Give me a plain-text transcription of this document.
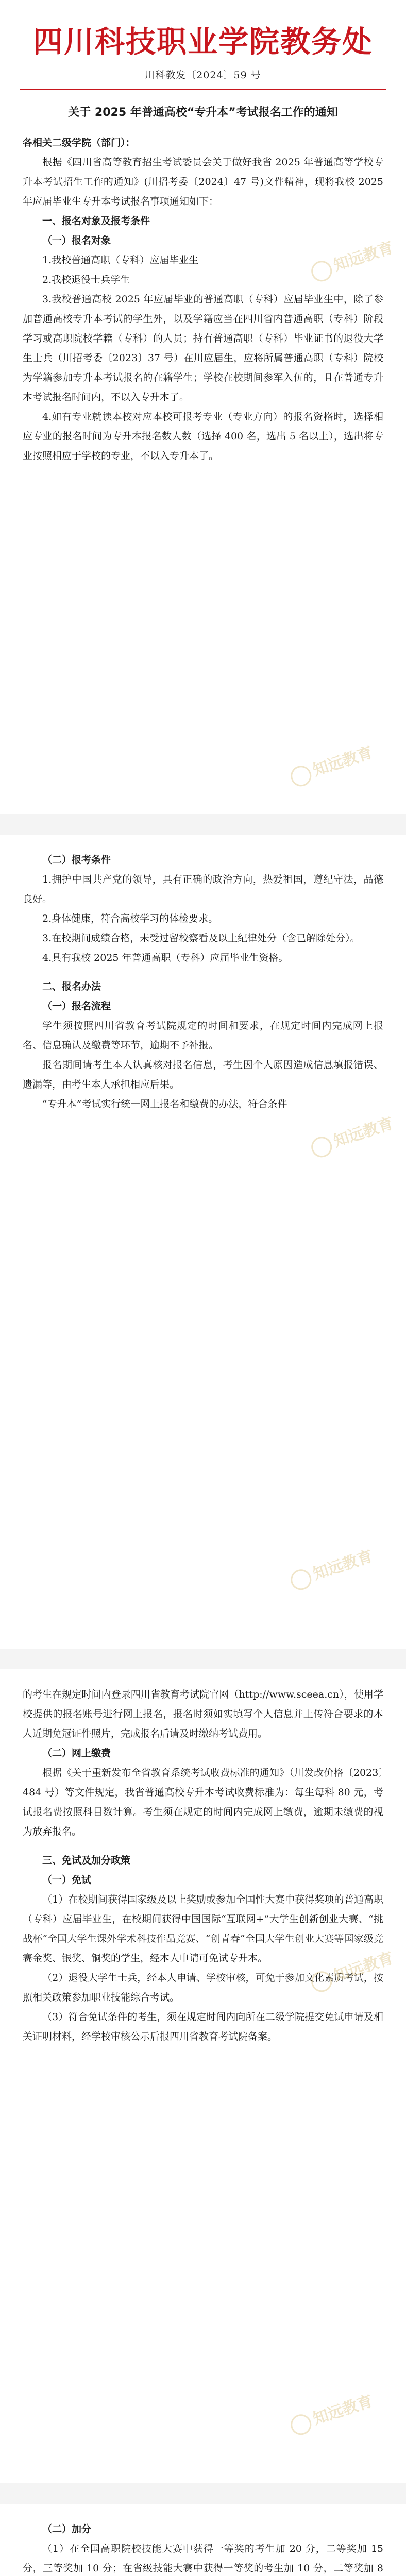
四川科技职业学院教务处
川科教发〔2024〕59 号
关于 2025 年普通高校“专升本”考试报名工作的通知

各相关二级学院（部门）：

根据《四川省高等教育招生考试委员会关于做好我省 2025 年普通高等学校专升本考试招生工作的通知》(川招考委〔2024〕47 号)文件精神，现将我校 2025 年应届毕业生专升本考试报名事项通知如下：

一、报名对象及报考条件

（一）报名对象

1.我校普通高职（专科）应届毕业生

2.我校退役士兵学生

3.我校普通高校 2025 年应届毕业的普通高职（专科）应届毕业生中，除了参加普通高校专升本考试的学生外，以及学籍应当在四川省内普通高职（专科）阶段学习或高职院校学籍（专科）的人员；持有普通高职（专科）毕业证书的退役大学生士兵（川招考委〔2023〕37 号）在川应届生，应将所属普通高职（专科）院校为学籍参加专升本考试报名的在籍学生；学校在校期间参军入伍的，且在普通专升本考试报名时间内，不以入专升本了。

4.如有专业就读本校对应本校可报考专业（专业方向）的报名资格时，选择相应专业的报名时间为专升本报名数人数（选择 400 名，选出 5 名以上），选出将专业按照相应于学校的专业，不以入专升本了。

知远教育
知远教育

（二）报考条件

1.拥护中国共产党的领导，具有正确的政治方向，热爱祖国，遵纪守法，品德良好。

2.身体健康，符合高校学习的体检要求。

3.在校期间成绩合格，未受过留校察看及以上纪律处分（含已解除处分）。

4.具有我校 2025 年普通高职（专科）应届毕业生资格。

二、报名办法

（一）报名流程

学生须按照四川省教育考试院规定的时间和要求，在规定时间内完成网上报名、信息确认及缴费等环节，逾期不予补报。

报名期间请考生本人认真核对报名信息，考生因个人原因造成信息填报错误、遗漏等，由考生本人承担相应后果。

“专升本”考试实行统一网上报名和缴费的办法，符合条件

知远教育
知远教育

的考生在规定时间内登录四川省教育考试院官网（http://www.sceea.cn），使用学校提供的报名账号进行网上报名，报名时须如实填写个人信息并上传符合要求的本人近期免冠证件照片，完成报名后请及时缴纳考试费用。

（二）网上缴费

根据《关于重新发布全省教育系统考试收费标准的通知》（川发改价格〔2023〕484 号）等文件规定，我省普通高校专升本考试收费标准为：每生每科 80 元，考试报名费按照科目数计算。考生须在规定的时间内完成网上缴费，逾期未缴费的视为放弃报名。

三、免试及加分政策

（一）免试

（1）在校期间获得国家级及以上奖励或参加全国性大赛中获得奖项的普通高职（专科）应届毕业生，在校期间获得中国国际“互联网+”大学生创新创业大赛、“挑战杯”全国大学生课外学术科技作品竞赛、“创青春”全国大学生创业大赛等国家级竞赛金奖、银奖、铜奖的学生，经本人申请可免试专升本。

（2）退役大学生士兵，经本人申请、学校审核，可免于参加文化素质考试，按照相关政策参加职业技能综合考试。

（3）符合免试条件的考生，须在规定时间内向所在二级学院提交免试申请及相关证明材料，经学校审核公示后报四川省教育考试院备案。

知远教育
知远教育

（二）加分

（1）在全国高职院校技能大赛中获得一等奖的考生加 20 分，二等奖加 15 分，三等奖加 10 分；在省级技能大赛中获得一等奖的考生加 10 分，二等奖加 8
